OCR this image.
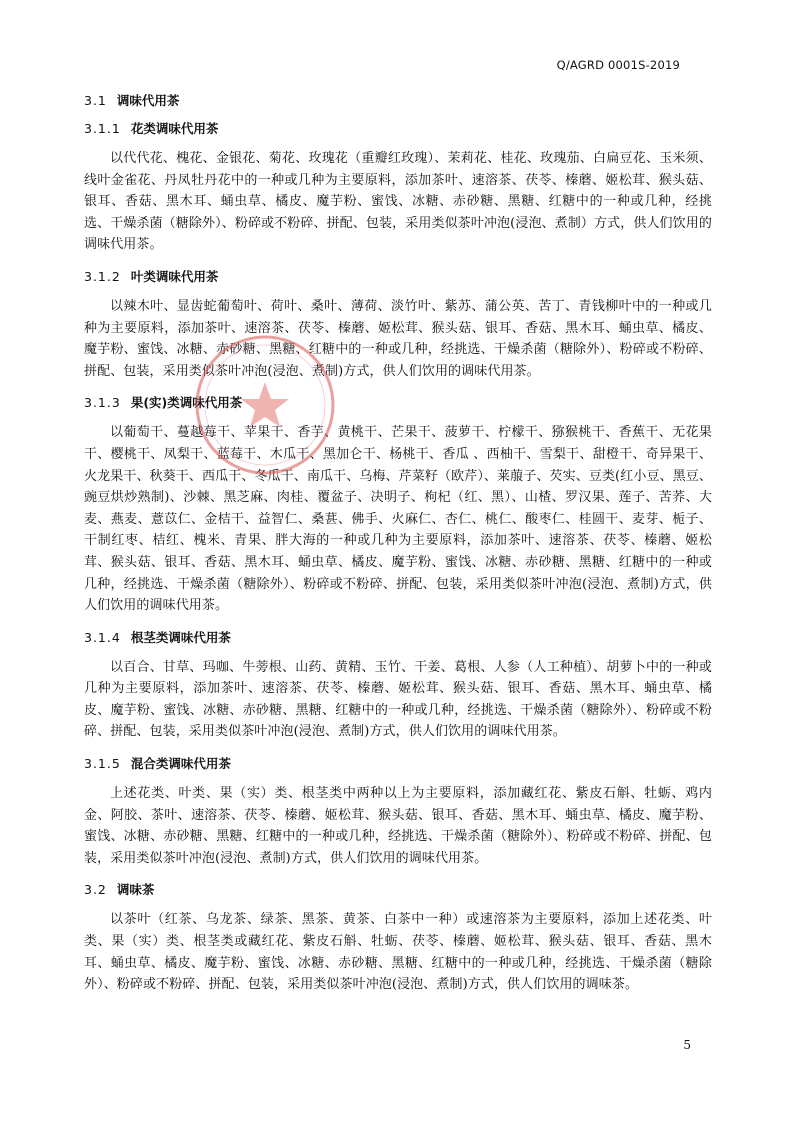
Q/AGRD 0001S-2019
3.1 调味代用茶
3.1.1 花类调味代用茶

以代代花、槐花、金银花、菊花、玫瑰花（重瓣红玫瑰）、茉莉花、桂花、玫瑰茄、白扁豆花、玉米须、线叶金雀花、丹凤牡丹花中的一种或几种为主要原料，添加茶叶、速溶茶、茯苓、榛蘑、姬松茸、猴头菇、银耳、香菇、黑木耳、蛹虫草、橘皮、魔芋粉、蜜饯、冰糖、赤砂糖、黑糖、红糖中的一种或几种，经挑选、干燥杀菌（糖除外）、粉碎或不粉碎、拼配、包装，采用类似茶叶冲泡(浸泡、煮制）方式，供人们饮用的调味代用茶。

3.1.2 叶类调味代用茶

以辣木叶、显齿蛇葡萄叶、荷叶、桑叶、薄荷、淡竹叶、紫苏、蒲公英、苦丁、青钱柳叶中的一种或几种为主要原料，添加茶叶、速溶茶、茯苓、榛蘑、姬松茸、猴头菇、银耳、香菇、黑木耳、蛹虫草、橘皮、魔芋粉、蜜饯、冰糖、赤砂糖、黑糖、红糖中的一种或几种，经挑选、干燥杀菌（糖除外）、粉碎或不粉碎、拼配、包装，采用类似茶叶冲泡(浸泡、煮制)方式，供人们饮用的调味代用茶。

3.1.3 果(实)类调味代用茶

以葡萄干、蔓越莓干、苹果干、香芋、黄桃干、芒果干、菠萝干、柠檬干、猕猴桃干、香蕉干、无花果干、樱桃干、凤梨干、蓝莓干、木瓜干、黑加仑干、杨桃干、香瓜 、西柚干、雪梨干、甜橙干、奇异果干、火龙果干、秋葵干、西瓜干、冬瓜干、南瓜干、乌梅、芹菜籽（欧芹）、莱菔子、芡实、豆类(红小豆、黑豆、豌豆烘炒熟制)、沙棘、黑芝麻、肉桂、覆盆子、决明子、枸杞（红、黑）、山楂、罗汉果、莲子、苦荞、大麦、燕麦、薏苡仁、金桔干、益智仁、桑葚、佛手、火麻仁、杏仁、桃仁、酸枣仁、桂圆干、麦芽、栀子、干制红枣、桔红、槐米、青果、胖大海的一种或几种为主要原料，添加茶叶、速溶茶、茯苓、榛蘑、姬松茸、猴头菇、银耳、香菇、黑木耳、蛹虫草、橘皮、魔芋粉、蜜饯、冰糖、赤砂糖、黑糖、红糖中的一种或几种，经挑选、干燥杀菌（糖除外）、粉碎或不粉碎、拼配、包装，采用类似茶叶冲泡(浸泡、煮制)方式，供人们饮用的调味代用茶。

3.1.4 根茎类调味代用茶

以百合、甘草、玛咖、牛蒡根、山药、黄精、玉竹、干姜、葛根、人参（人工种植）、胡萝卜中的一种或几种为主要原料，添加茶叶、速溶茶、茯苓、榛蘑、姬松茸、猴头菇、银耳、香菇、黑木耳、蛹虫草、橘皮、魔芋粉、蜜饯、冰糖、赤砂糖、黑糖、红糖中的一种或几种，经挑选、干燥杀菌（糖除外）、粉碎或不粉碎、拼配、包装，采用类似茶叶冲泡(浸泡、煮制)方式，供人们饮用的调味代用茶。

3.1.5 混合类调味代用茶

上述花类、叶类、果（实）类、根茎类中两种以上为主要原料，添加藏红花、紫皮石斛、牡蛎、鸡内金、阿胶、茶叶、速溶茶、茯苓、榛蘑、姬松茸、猴头菇、银耳、香菇、黑木耳、蛹虫草、橘皮、魔芋粉、蜜饯、冰糖、赤砂糖、黑糖、红糖中的一种或几种，经挑选、干燥杀菌（糖除外）、粉碎或不粉碎、拼配、包装，采用类似茶叶冲泡(浸泡、煮制)方式，供人们饮用的调味代用茶。

3.2 调味茶

以茶叶（红茶、乌龙茶、绿茶、黑茶、黄茶、白茶中一种）或速溶茶为主要原料，添加上述花类、叶类、果（实）类、根茎类或藏红花、紫皮石斛、牡蛎、茯苓、榛蘑、姬松茸、猴头菇、银耳、香菇、黑木耳、蛹虫草、橘皮、魔芋粉、蜜饯、冰糖、赤砂糖、黑糖、红糖中的一种或几种，经挑选、干燥杀菌（糖除外）、粉碎或不粉碎、拼配、包装，采用类似茶叶冲泡(浸泡、煮制)方式，供人们饮用的调味茶。

5
